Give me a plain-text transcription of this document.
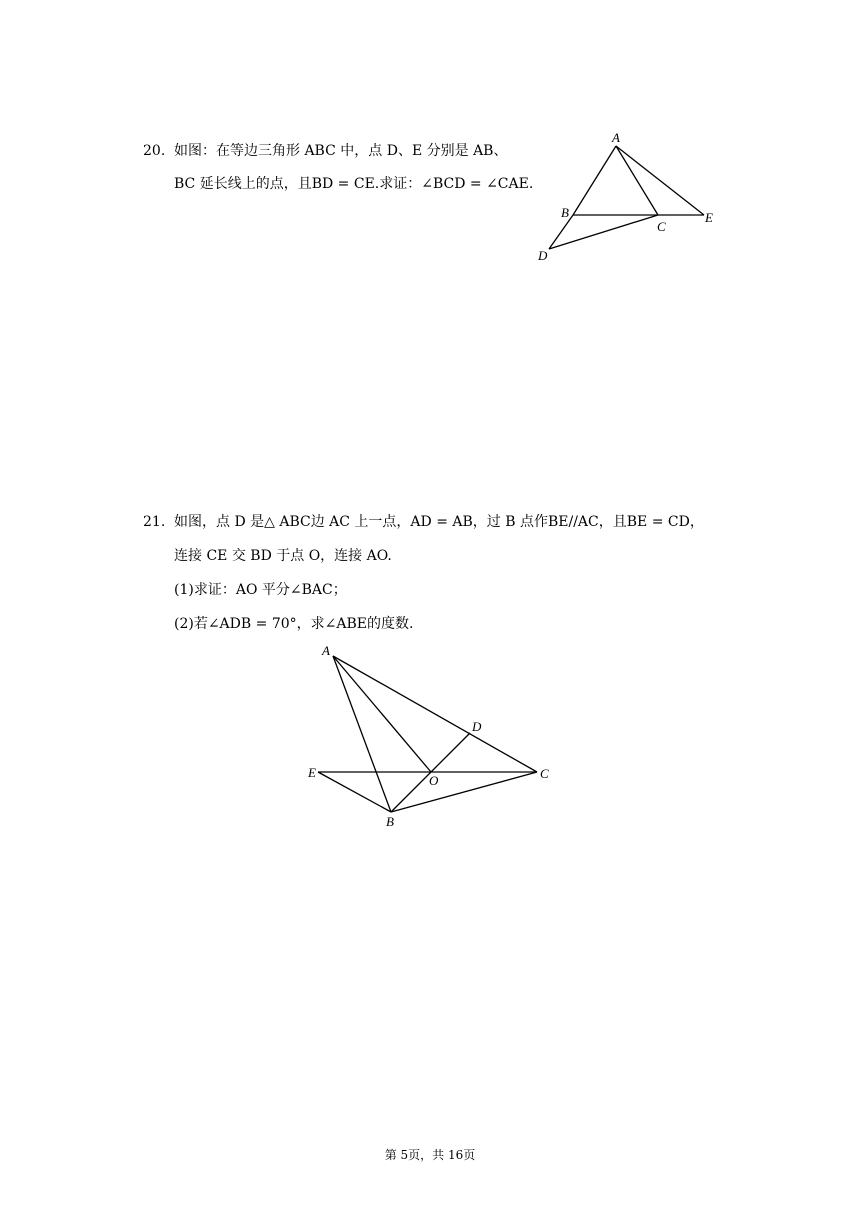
20. 如图：在等边三角形 ABC 中，点 D、E 分别是 AB、
BC 延长线上的点，且BD = CE.求证：∠BCD = ∠CAE.
A
B
C
D
E
21. 如图，点 D 是△ ABC边 AC 上一点，AD = AB，过 B 点作BE//AC，且BE = CD，
连接 CE 交 BD 于点 O，连接 AO.
(1)求证：AO 平分∠BAC；
(2)若∠ADB = 70°，求∠ABE的度数.
A
B
C
D
E
O
第 5页，共 16页
